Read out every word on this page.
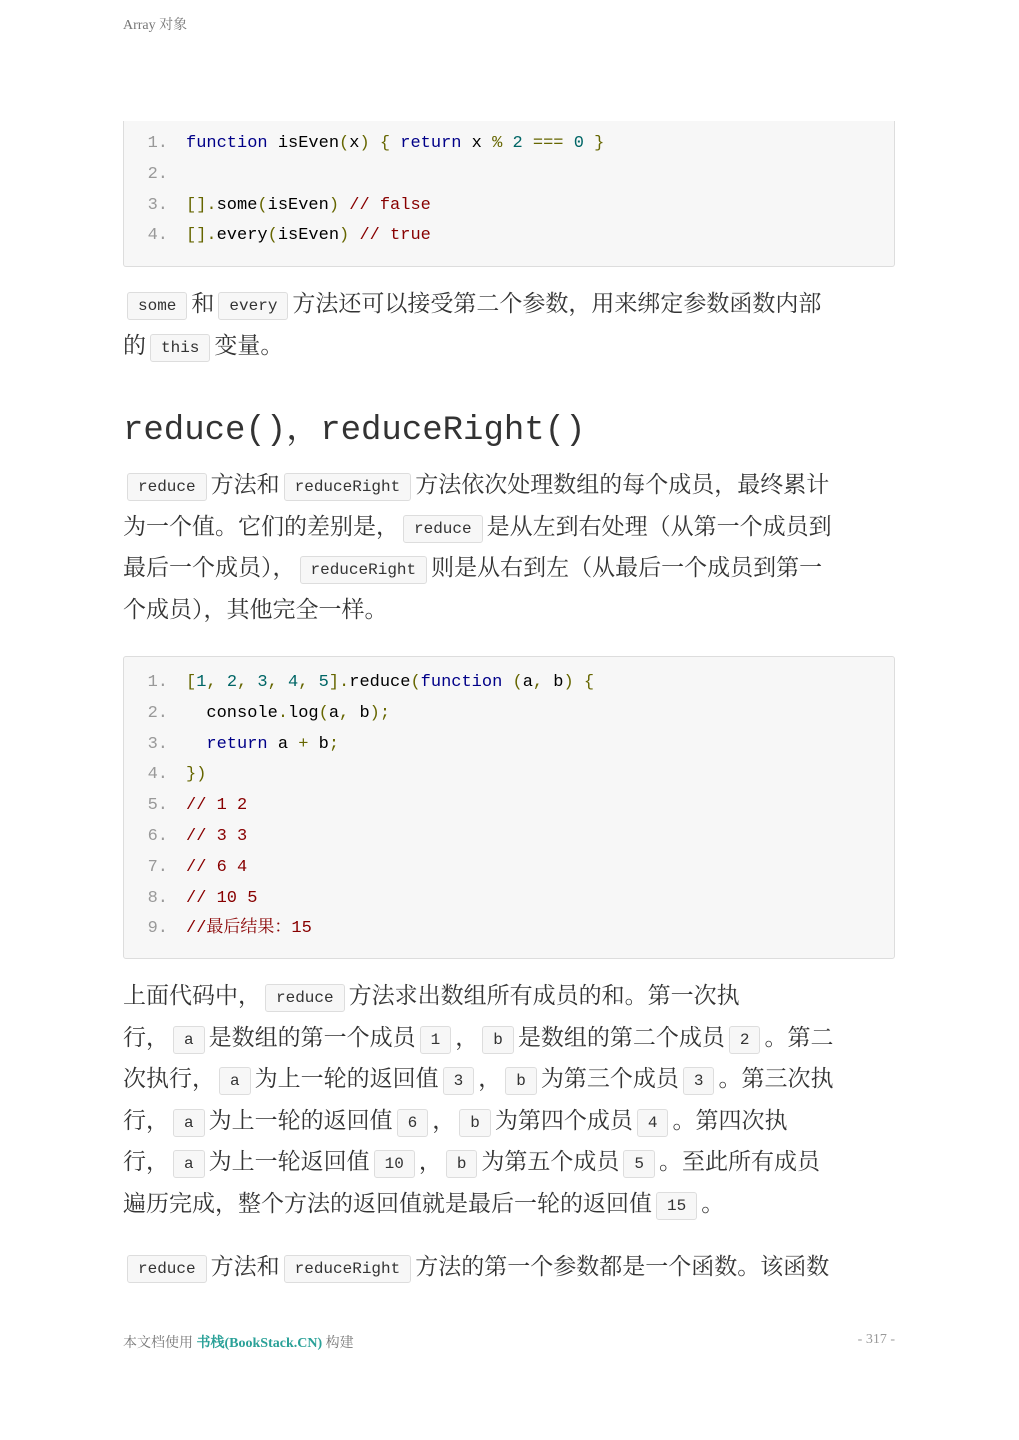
Array 对象
1.	function isEven(x) { return x % 2 === 0 }
2.
3.	[].some(isEven) // false
4.	[].every(isEven) // true
some 和 every 方法还可以接受第二个参数，用来绑定参数函数内部
的 this 变量。
reduce()，reduceRight()
reduce 方法和 reduceRight 方法依次处理数组的每个成员，最终累计
为一个值。它们的差别是， reduce 是从左到右处理（从第一个成员到
最后一个成员）， reduceRight 则是从右到左（从最后一个成员到第一
个成员），其他完全一样。
1.	[1, 2, 3, 4, 5].reduce(function (a, b) {
2.	console.log(a, b);
3.	return a + b;
4.	})
5.	// 1 2
6.	// 3 3
7.	// 6 4
8.	// 10 5
9.	//最后结果：15
上面代码中， reduce 方法求出数组所有成员的和。第一次执
行， a 是数组的第一个成员 1 ， b 是数组的第二个成员 2 。第二
次执行， a 为上一轮的返回值 3 ， b 为第三个成员 3 。第三次执
行， a 为上一轮的返回值 6 ， b 为第四个成员 4 。第四次执
行， a 为上一轮返回值 10 ， b 为第五个成员 5 。至此所有成员
遍历完成，整个方法的返回值就是最后一轮的返回值 15 。
reduce 方法和 reduceRight 方法的第一个参数都是一个函数。该函数
本文档使用 书栈(BookStack.CN) 构建	- 317 -
